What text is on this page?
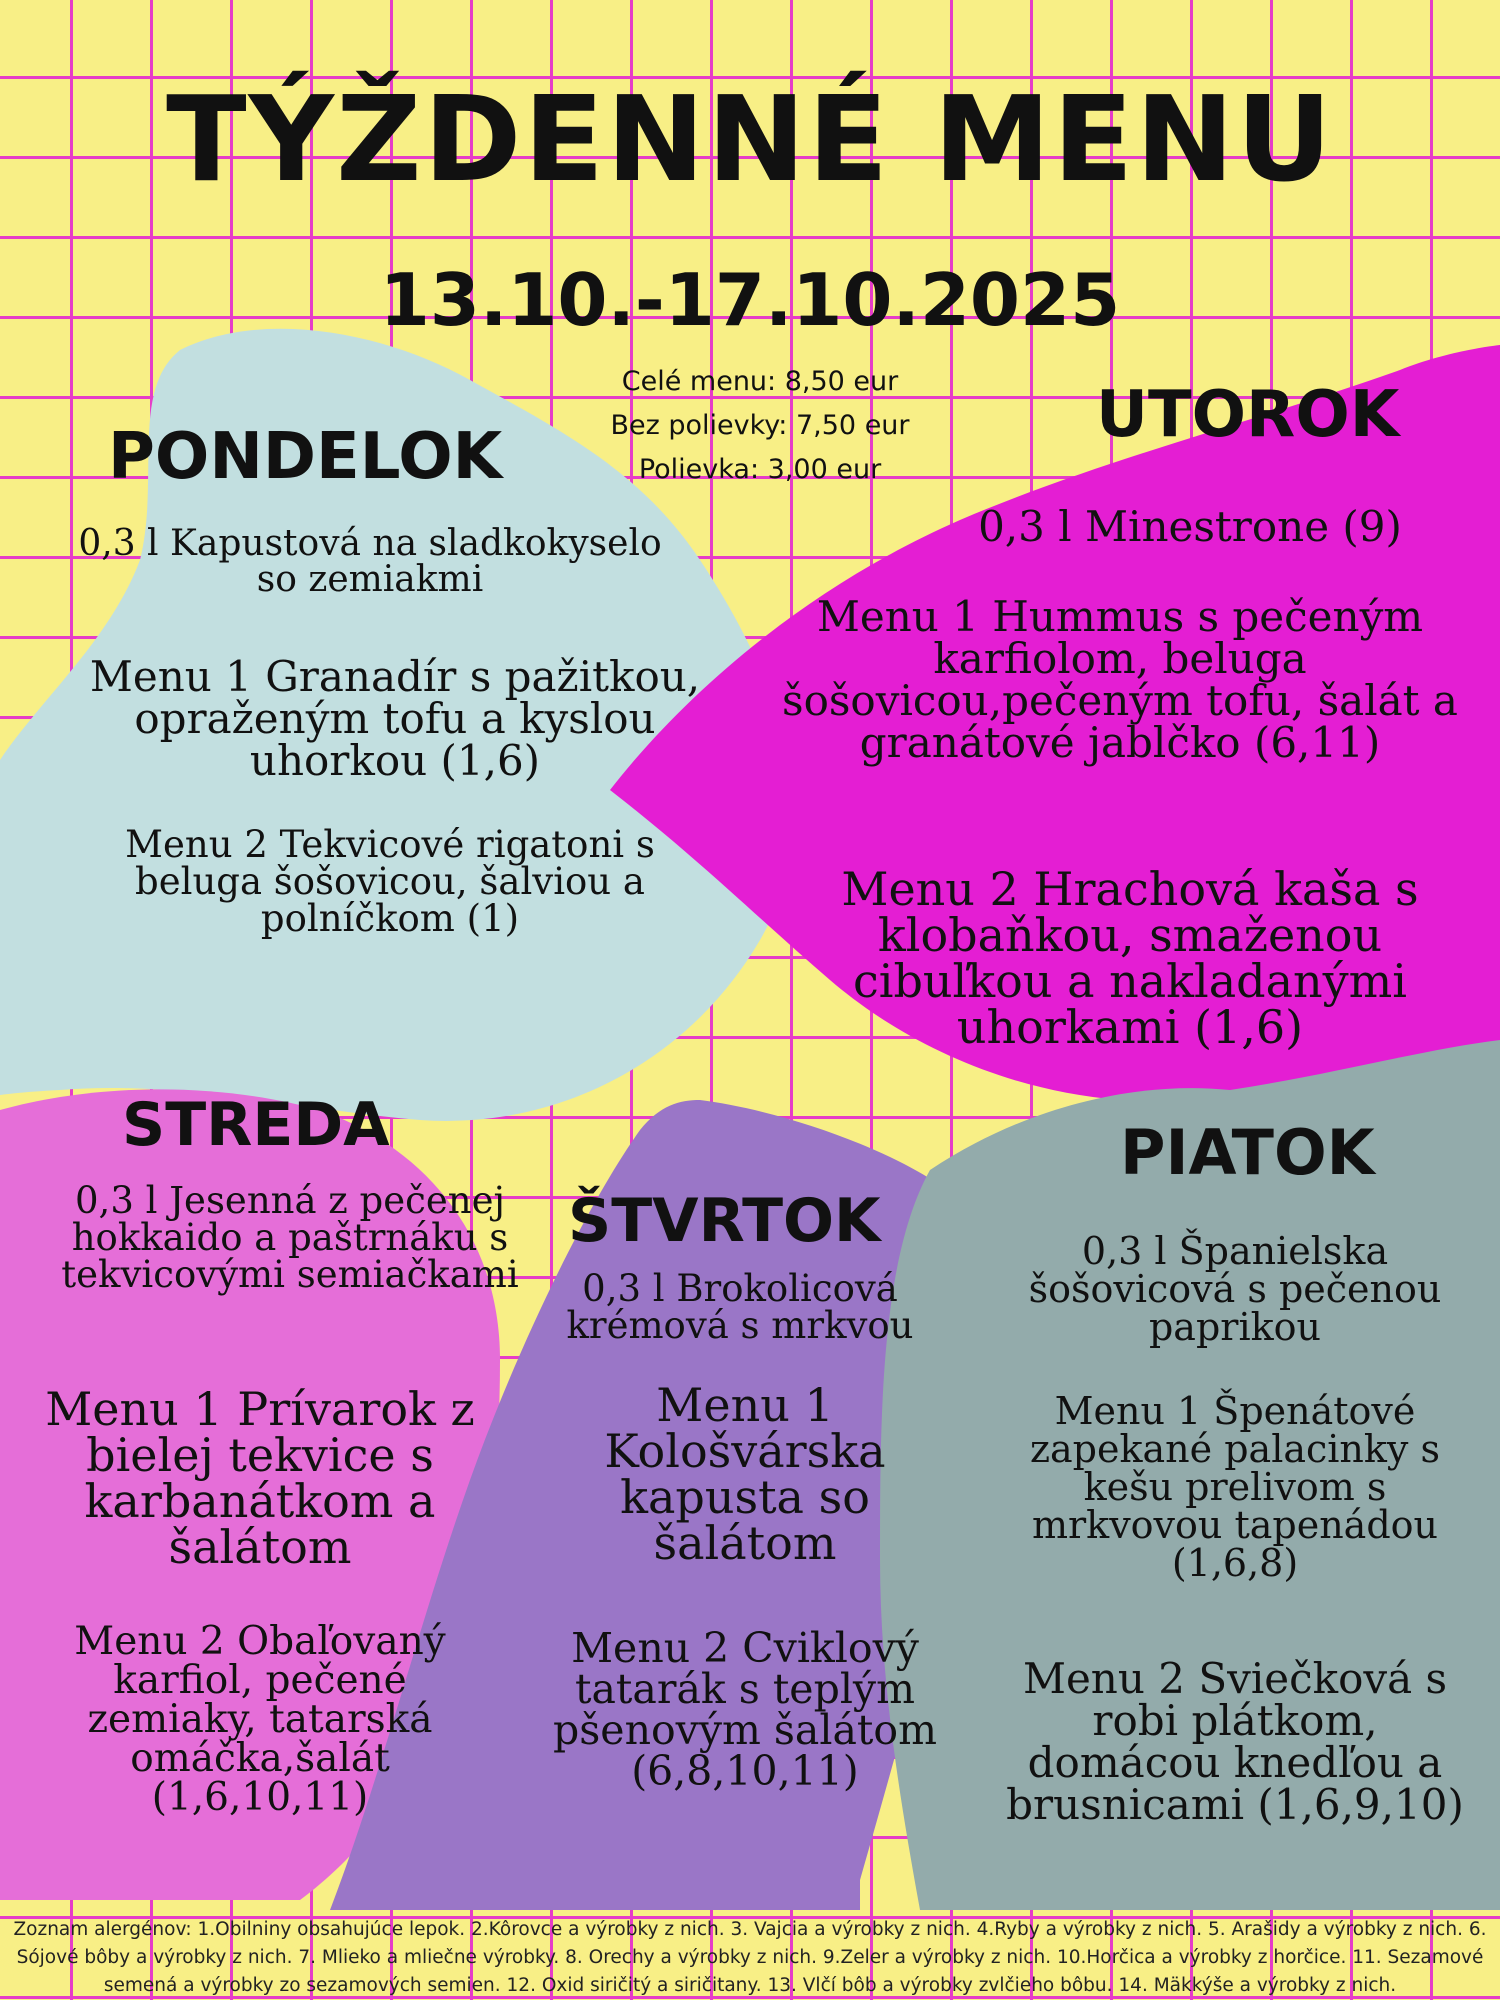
TÝŽDENNÉ MENU
13.10.-17.10.2025
Celé menu: 8,50 eur
Bez polievky: 7,50 eur
Polievka: 3,00 eur
PONDELOK
0,3 l Kapustová na sladkokyselo so zemiakmi
Menu 1 Granadír s pažitkou, opraženým tofu a kyslou uhorkou (1,6)
Menu 2 Tekvicové rigatoni s beluga šošovicou, šalviou a polníčkom (1)
UTOROK
0,3 l Minestrone (9)
Menu 1 Hummus s pečeným karfiolom, beluga šošovicou,pečeným tofu, šalát a granátové jablčko (6,11)
Menu 2 Hrachová kaša s klobaňkou, smaženou cibuľkou a nakladanými uhorkami (1,6)
STREDA
0,3 l Jesenná z pečenej hokkaido a paštrnáku s tekvicovými semiačkami
Menu 1 Prívarok z bielej tekvice s karbanátkom a šalátom
Menu 2 Obaľovaný karfiol, pečené zemiaky, tatarská omáčka,šalát (1,6,10,11)
ŠTVRTOK
0,3 l Brokolicová krémová s mrkvou
Menu 1 Kološvárska kapusta so šalátom
Menu 2 Cviklový tatarák s teplým pšenovým šalátom (6,8,10,11)
PIATOK
0,3 l Španielska šošovicová s pečenou paprikou
Menu 1 Špenátové zapekané palacinky s kešu prelivom s mrkvovou tapenádou (1,6,8)
Menu 2 Sviečková s robi plátkom, domácou knedľou a brusnicami (1,6,9,10)
Zoznam alergénov: 1.Obilniny obsahujúce lepok. 2.Kôrovce a výrobky z nich. 3. Vajcia a výrobky z nich. 4.Ryby a výrobky z nich. 5. Arašidy a výrobky z nich. 6. Sójové bôby a výrobky z nich. 7. Mlieko a mliečne výrobky. 8. Orechy a výrobky z nich. 9.Zeler a výrobky z nich. 10.Horčica a výrobky z horčice. 11. Sezamové semená a výrobky zo sezamových semien. 12. Oxid siričitý a siričitany. 13. Vlčí bôb a výrobky zvlčieho bôbu. 14. Mäkkýše a výrobky z nich.
